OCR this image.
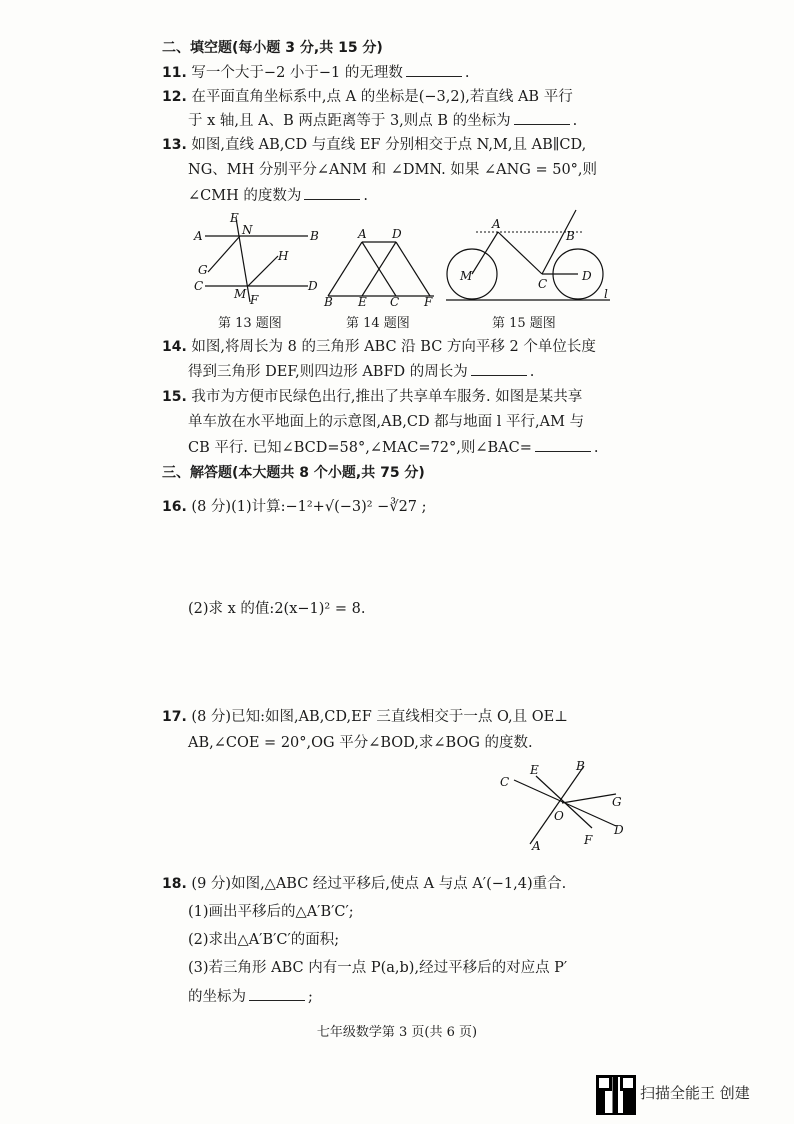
二、填空题(每小题 3 分,共 15 分)
11. 写一个大于−2 小于−1 的无理数	.
12. 在平面直角坐标系中,点 A 的坐标是(−3,2),若直线 AB 平行
于 x 轴,且 A、B 两点距离等于 3,则点 B 的坐标为	.
13. 如图,直线 AB,CD 与直线 EF 分别相交于点 N,M,且 AB∥CD,
NG、MH 分别平分∠ANM 和 ∠DMN. 如果 ∠ANG = 50°,则
∠CMH 的度数为	.
E
N
A	B
G
H
C
M
D
F
第 13 题图
A D
B E C F
第 14 题图
A
B
M
C
D
l
第 15 题图
14. 如图,将周长为 8 的三角形 ABC 沿 BC 方向平移 2 个单位长度
得到三角形 DEF,则四边形 ABFD 的周长为	.
15. 我市为方便市民绿色出行,推出了共享单车服务. 如图是某共享
单车放在水平地面上的示意图,AB,CD 都与地面 l 平行,AM 与
CB 平行. 已知∠BCD=58°,∠MAC=72°,则∠BAC=	.
三、解答题(本大题共 8 个小题,共 75 分)
16. (8 分)(1)计算:−1²+√(−3)² −∛27 ;
(2)求 x 的值:2(x−1)² = 8.
17. (8 分)已知:如图,AB,CD,EF 三直线相交于一点 O,且 OE⊥
AB,∠COE = 20°,OG 平分∠BOD,求∠BOG 的度数.
C
E	B
G
O
D
F
A
18. (9 分)如图,△ABC 经过平移后,使点 A 与点 A′(−1,4)重合.
(1)画出平移后的△A′B′C′;
(2)求出△A′B′C′的面积;
(3)若三角形 ABC 内有一点 P(a,b),经过平移后的对应点 P′
的坐标为	;
七年级数学第 3 页(共 6 页)
扫描全能王 创建
